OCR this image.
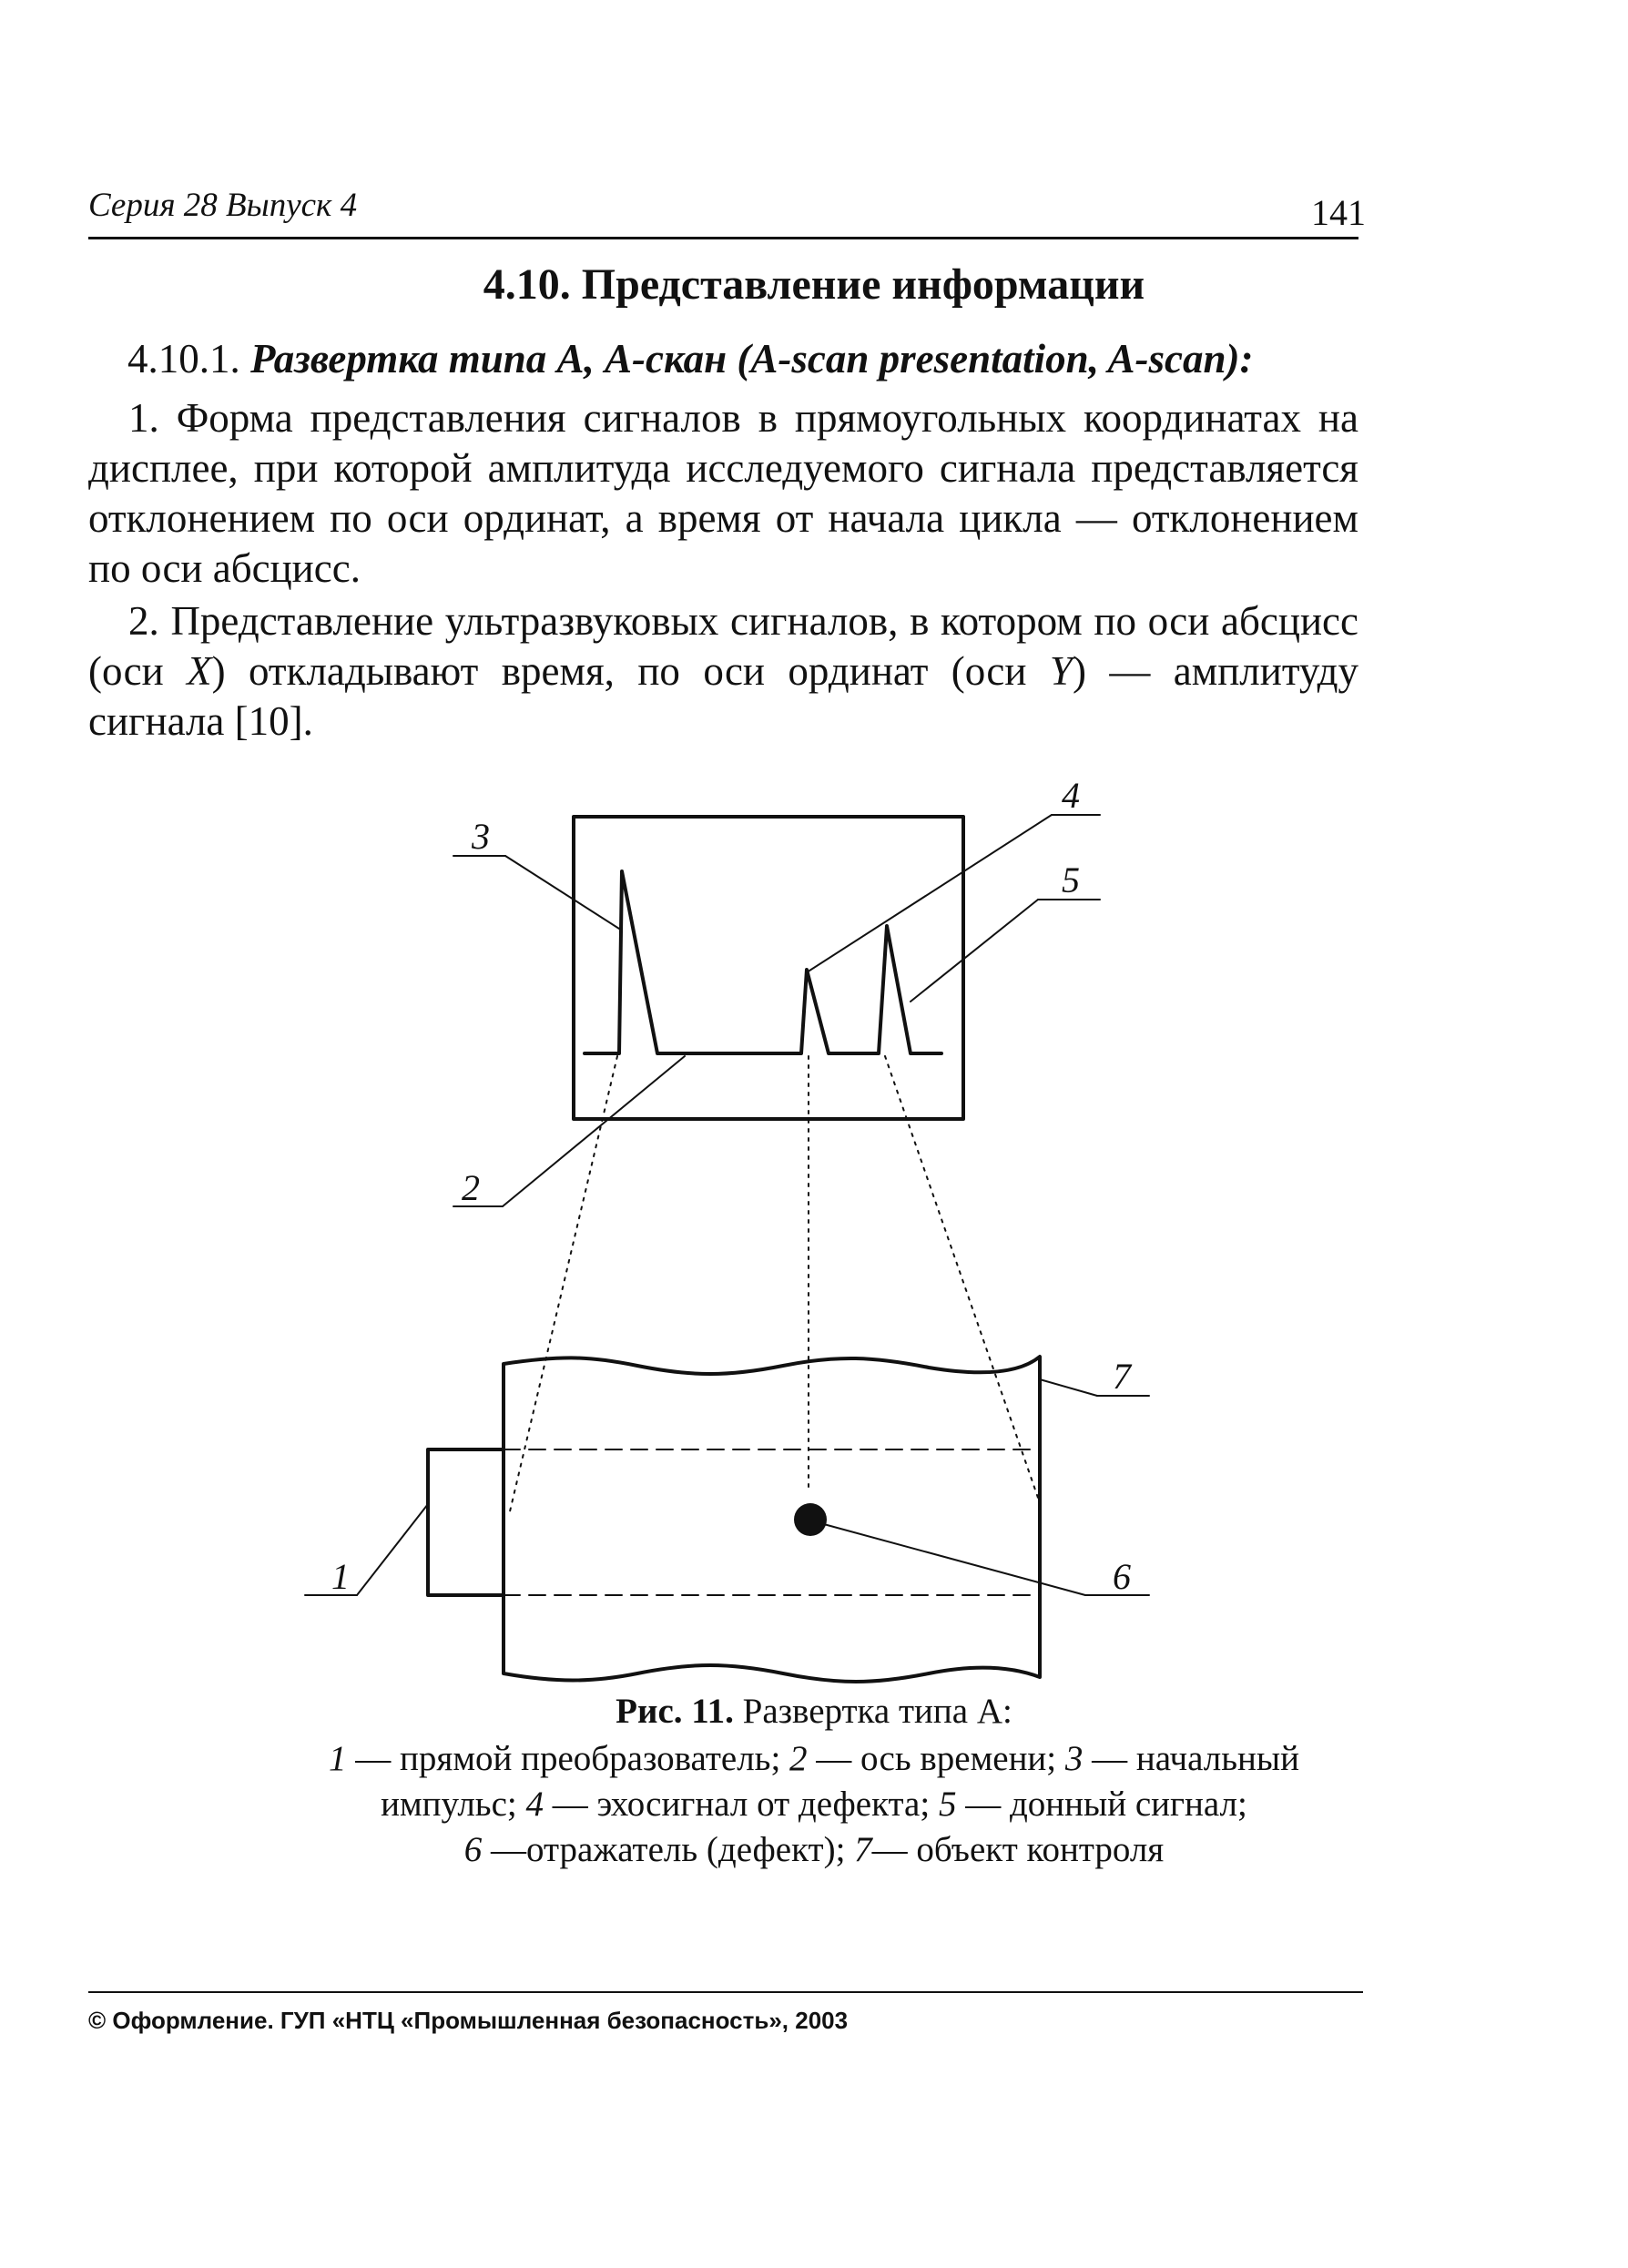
Серия 28 Выпуск 4	141
4.10. Представление информации
4.10.1. Развертка типа А, А-скан (A-scan presentation, A-scan):

1. Форма представления сигналов в прямоугольных координатах на дисплее, при которой амплитуда исследуемого сигнала представляется отклонением по оси ординат, а время от начала цикла — отклонением по оси абсцисс.

2. Представление ультразвуковых сигналов, в котором по оси абсцисс (оси X) откладывают время, по оси ординат (оси Y) — амплитуду сигнала [10].

1
2
3
4
5
6
7
Рис. 11. Развертка типа А:
1 — прямой преобразователь; 2 — ось времени; 3 — начальный
импульс; 4 — эхосигнал от дефекта; 5 — донный сигнал;
6 —отражатель (дефект); 7— объект контроля
© Оформление. ГУП «НТЦ «Промышленная безопасность», 2003
